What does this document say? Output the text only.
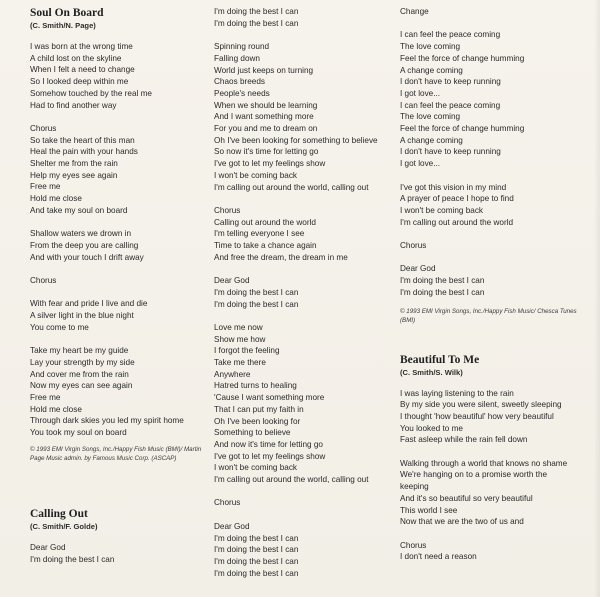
Soul On Board
(C. Smith/N. Page)
I was born at the wrong time
A child lost on the skyline
When I felt a need to change
So I looked deep within me
Somehow touched by the real me
Had to find another way
Chorus
So take the heart of this man
Heal the pain with your hands
Shelter me from the rain
Help my eyes see again
Free me
Hold me close
And take my soul on board
Shallow waters we drown in
From the deep you are calling
And with your touch I drift away
Chorus
With fear and pride I live and die
A silver light in the blue night
You come to me
Take my heart be my guide
Lay your strength by my side
And cover me from the rain
Now my eyes can see again
Free me
Hold me close
Through dark skies you led my spirit home
You took my soul on board
© 1993 EMI Virgin Songs, Inc./Happy Fish Music (BMI)/ Martin Page Music admin. by Famous Music Corp. (ASCAP)
Calling Out
(C. Smith/F. Golde)
Dear God
I'm doing the best I can
I'm doing the best I can
I'm doing the best I can
Spinning round
Falling down
World just keeps on turning
Chaos breeds
People's needs
When we should be learning
And I want something more
For you and me to dream on
Oh I've been looking for something to believe
So now it's time for letting go
I've got to let my feelings show
I won't be coming back
I'm calling out around the world, calling out
Chorus
Calling out around the world
I'm telling everyone I see
Time to take a chance again
And free the dream, the dream in me
Dear God
I'm doing the best I can
I'm doing the best I can
Love me now
Show me how
I forgot the feeling
Take me there
Anywhere
Hatred turns to healing
'Cause I want something more
That I can put my faith in
Oh I've been looking for
Something to believe
And now it's time for letting go
I've got to let my feelings show
I won't be coming back
I'm calling out around the world, calling out
Chorus
Dear God
I'm doing the best I can
I'm doing the best I can
I'm doing the best I can
I'm doing the best I can
Change
I can feel the peace coming
The love coming
Feel the force of change humming
A change coming
I don't have to keep running
I got love...
I can feel the peace coming
The love coming
Feel the force of change humming
A change coming
I don't have to keep running
I got love...
I've got this vision in my mind
A prayer of peace I hope to find
I won't be coming back
I'm calling out around the world
Chorus
Dear God
I'm doing the best I can
I'm doing the best I can
© 1993 EMI Virgin Songs, Inc./Happy Fish Music/ Chesca Tunes (BMI)
Beautiful To Me
(C. Smith/S. Wilk)
I was laying listening to the rain
By my side you were silent, sweetly sleeping
I thought 'how beautiful' how very beautiful
You looked to me
Fast asleep while the rain fell down
Walking through a world that knows no shame
We're hanging on to a promise worth the
keeping
And it's so beautiful so very beautiful
This world I see
Now that we are the two of us and
Chorus
I don't need a reason
